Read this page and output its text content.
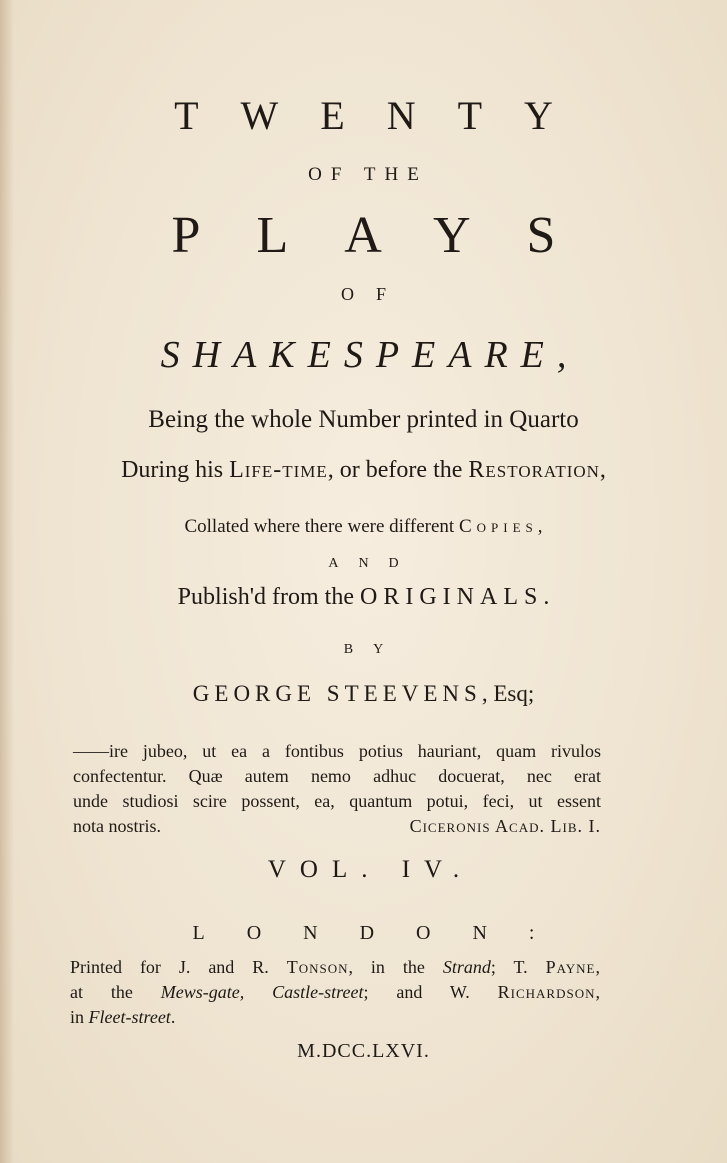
TWENTY
OF THE
PLAYS
OF
SHAKESPEARE,
Being the whole Number printed in Quarto
During his Life-time, or before the Restoration,
Collated where there were different Copies,
AND
Publish'd from the ORIGINALS.
BY
GEORGE STEEVENS, Esq;
——ire jubeo, ut ea a fontibus potius hauriant, quam rivulos
confectentur. Quæ autem nemo adhuc docuerat, nec erat
unde studiosi scire possent, ea, quantum potui, feci, ut essent
nota nostris.	Ciceronis Acad. Lib. I.
VOL. IV.
LONDON:
Printed for J. and R. Tonson, in the Strand; T. Payne,
at the Mews-gate, Castle-street; and W. Richardson,
in Fleet-street.
M.DCC.LXVI.
